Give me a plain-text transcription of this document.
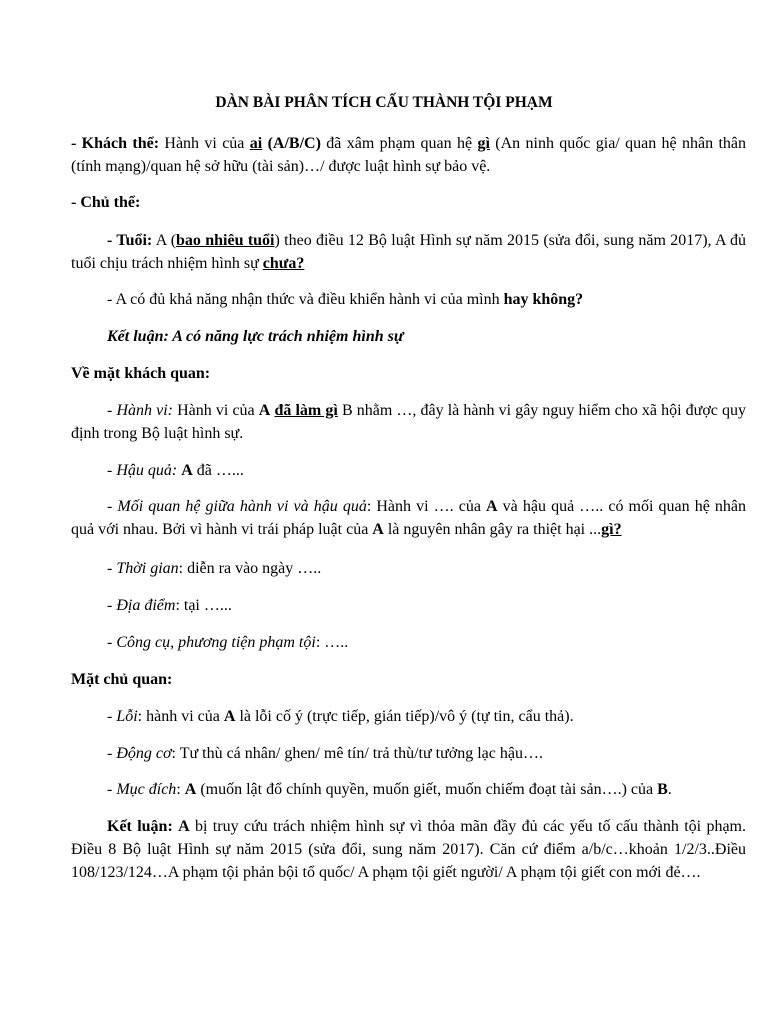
DÀN BÀI PHÂN TÍCH CẤU THÀNH TỘI PHẠM
- Khách thể: Hành vi của ai (A/B/C) đã xâm phạm quan hệ gì (An ninh quốc gia/ quan hệ nhân thân (tính mạng)/quan hệ sở hữu (tài sản)…/ được luật hình sự bảo vệ.
- Chủ thể:
- Tuổi: A (bao nhiêu tuổi) theo điều 12 Bộ luật Hình sự năm 2015 (sửa đổi, sung năm 2017), A đủ tuổi chịu trách nhiệm hình sự chưa?
- A có đủ khả năng nhận thức và điều khiển hành vi của mình hay không?
Kết luận: A có năng lực trách nhiệm hình sự
Về mặt khách quan:
- Hành vi: Hành vi của A đã làm gì B nhằm …, đây là hành vi gây nguy hiểm cho xã hội được quy định trong Bộ luật hình sự.
- Hậu quả: A đã …...
- Mối quan hệ giữa hành vi và hậu quả: Hành vi …. của A và hậu quả ….. có mối quan hệ nhân quả với nhau. Bởi vì hành vi trái pháp luật của A là nguyên nhân gây ra thiệt hại ...gì?
- Thời gian: diễn ra vào ngày …..
- Địa điểm: tại …...
- Công cụ, phương tiện phạm tội: …..
Mặt chủ quan:
- Lỗi: hành vi của A là lỗi cố ý (trực tiếp, gián tiếp)/vô ý (tự tin, cẩu thả).
- Động cơ: Tư thù cá nhân/ ghen/ mê tín/ trả thù/tư tưởng lạc hậu….
- Mục đích: A (muốn lật đổ chính quyền, muốn giết, muốn chiếm đoạt tài sản….) của B.
Kết luận: A bị truy cứu trách nhiệm hình sự vì thỏa mãn đầy đủ các yếu tố cấu thành tội phạm. Điều 8 Bộ luật Hình sự năm 2015 (sửa đổi, sung năm 2017). Căn cứ điểm a/b/c…khoản 1/2/3..Điều 108/123/124…A phạm tội phản bội tổ quốc/ A phạm tội giết người/ A phạm tội giết con mới đẻ….
